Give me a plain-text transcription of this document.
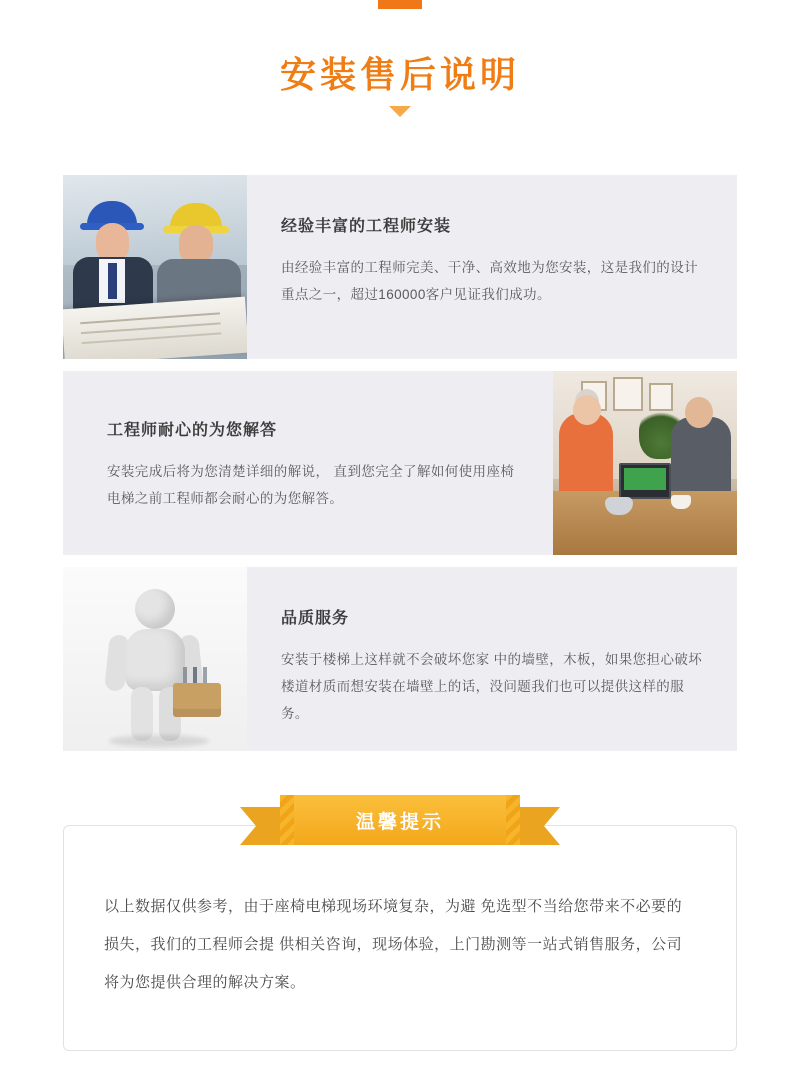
安装售后说明
经验丰富的工程师安装

由经验丰富的工程师完美、干净、高效地为您安装，这是我们的设计重点之一，超过160000客户见证我们成功。

工程师耐心的为您解答

安装完成后将为您清楚详细的解说， 直到您完全了解如何使用座椅电梯之前工程师都会耐心的为您解答。

品质服务

安装于楼梯上这样就不会破坏您家 中的墙壁，木板，如果您担心破坏楼道材质而想安装在墙壁上的话，没问题我们也可以提供这样的服务。

温馨提示

以上数据仅供参考，由于座椅电梯现场环境复杂，为避 免选型不当给您带来不必要的损失，我们的工程师会提 供相关咨询，现场体验，上门勘测等一站式销售服务，公司将为您提供合理的解决方案。
